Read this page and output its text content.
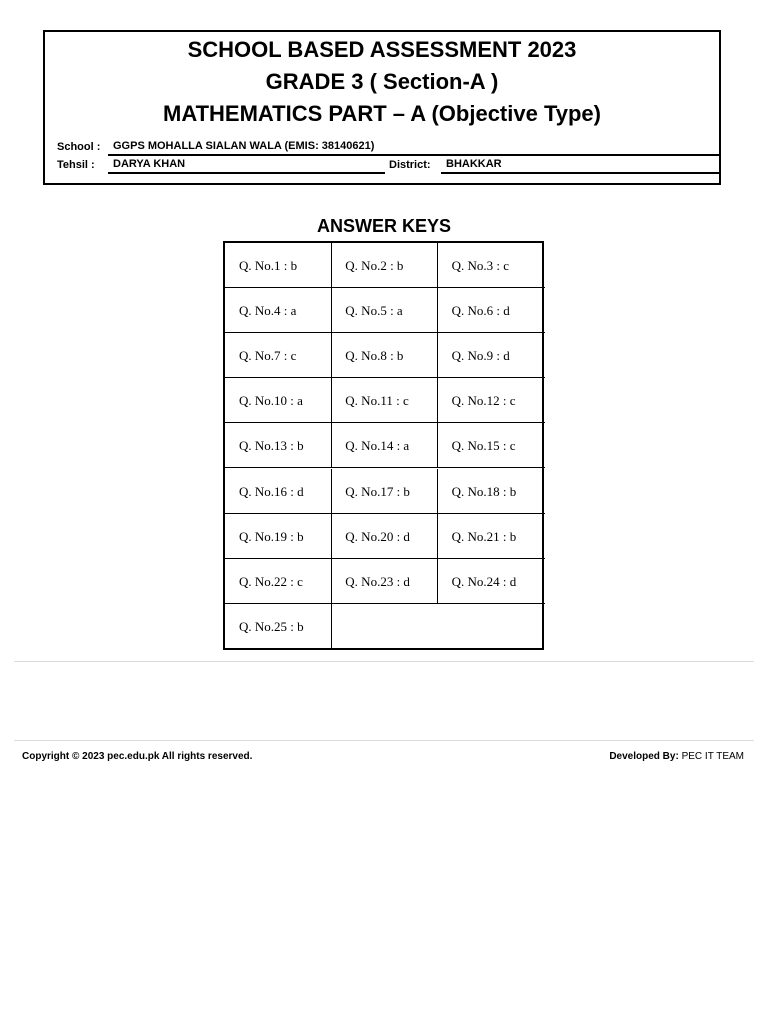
SCHOOL BASED ASSESSMENT 2023
GRADE 3 ( Section-A )
MATHEMATICS PART – A (Objective Type)
School :	GGPS MOHALLA SIALAN WALA (EMIS: 38140621)
Tehsil :	DARYA KHAN	District:	BHAKKAR
ANSWER KEYS
Q. No.1 : b	Q. No.2 : b	Q. No.3 : c
Q. No.4 : a	Q. No.5 : a	Q. No.6 : d
Q. No.7 : c	Q. No.8 : b	Q. No.9 : d
Q. No.10 : a	Q. No.11 : c	Q. No.12 : c
Q. No.13 : b	Q. No.14 : a	Q. No.15 : c
Q. No.16 : d	Q. No.17 : b	Q. No.18 : b
Q. No.19 : b	Q. No.20 : d	Q. No.21 : b
Q. No.22 : c	Q. No.23 : d	Q. No.24 : d
Q. No.25 : b
Copyright © 2023 pec.edu.pk All rights reserved.	Developed By: PEC IT TEAM
